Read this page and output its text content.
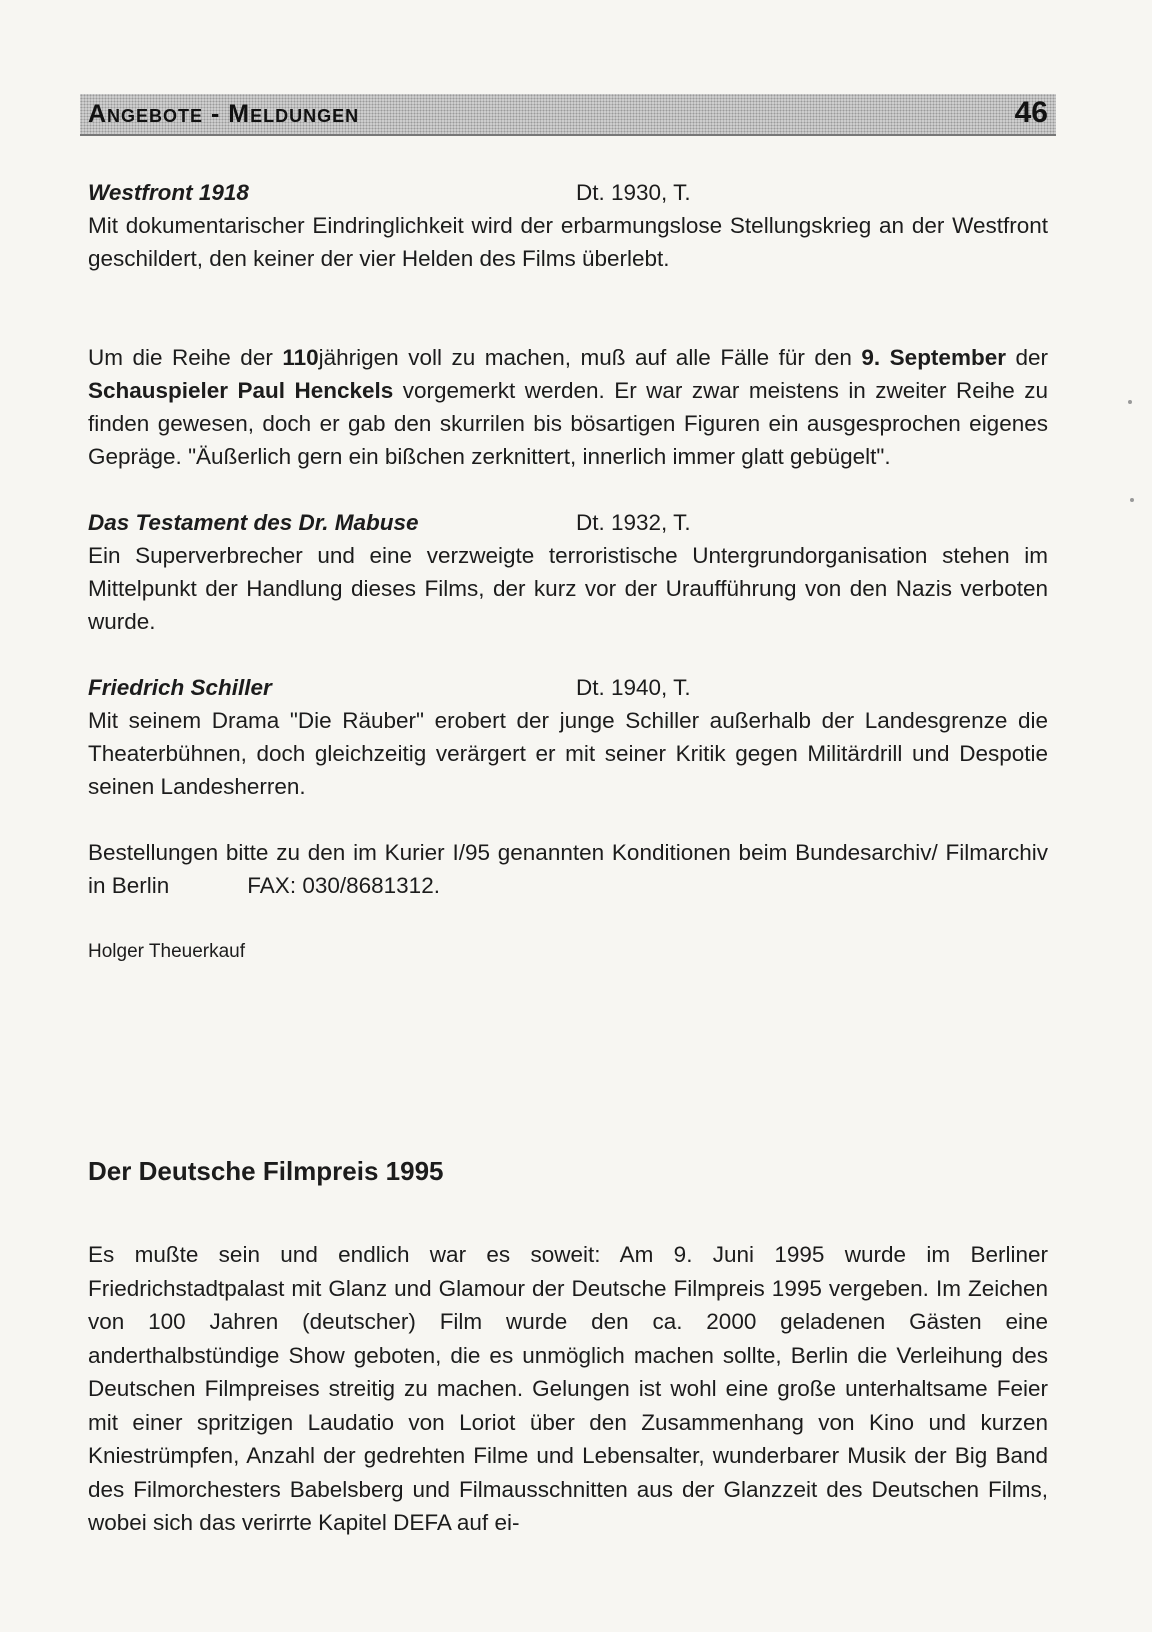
Angebote - Meldungen	46
Westfront 1918	Dt. 1930, T.

Mit dokumentarischer Eindringlichkeit wird der erbarmungslose Stellungskrieg an der Westfront geschildert, den keiner der vier Helden des Films überlebt.

Um die Reihe der 110jährigen voll zu machen, muß auf alle Fälle für den 9. September der Schauspieler Paul Henckels vorgemerkt werden. Er war zwar meistens in zweiter Reihe zu finden gewesen, doch er gab den skurrilen bis bösartigen Figuren ein ausgesprochen eigenes Gepräge. "Äußerlich gern ein bißchen zerknittert, innerlich immer glatt gebügelt".

Das Testament des Dr. Mabuse	Dt. 1932, T.

Ein Superverbrecher und eine verzweigte terroristische Untergrundorganisation stehen im Mittelpunkt der Handlung dieses Films, der kurz vor der Uraufführung von den Nazis verboten wurde.

Friedrich Schiller	Dt. 1940, T.

Mit seinem Drama "Die Räuber" erobert der junge Schiller außerhalb der Landesgrenze die Theaterbühnen, doch gleichzeitig verärgert er mit seiner Kritik gegen Militärdrill und Despotie seinen Landesherren.

Bestellungen bitte zu den im Kurier I/95 genannten Konditionen beim Bundesarchiv/ Filmarchiv in Berlin	FAX: 030/8681312.

Holger Theuerkauf

Der Deutsche Filmpreis 1995

Es mußte sein und endlich war es soweit: Am 9. Juni 1995 wurde im Berliner Friedrichstadtpalast mit Glanz und Glamour der Deutsche Filmpreis 1995 vergeben. Im Zeichen von 100 Jahren (deutscher) Film wurde den ca. 2000 geladenen Gästen eine anderthalbstündige Show geboten, die es unmöglich machen sollte, Berlin die Verleihung des Deutschen Filmpreises streitig zu machen. Gelungen ist wohl eine große unterhaltsame Feier mit einer spritzigen Laudatio von Loriot über den Zusammenhang von Kino und kurzen Kniestrümpfen, Anzahl der gedrehten Filme und Lebensalter, wunderbarer Musik der Big Band des Filmorchesters Babelsberg und Filmausschnitten aus der Glanzzeit des Deutschen Films, wobei sich das verirrte Kapitel DEFA auf ei-
